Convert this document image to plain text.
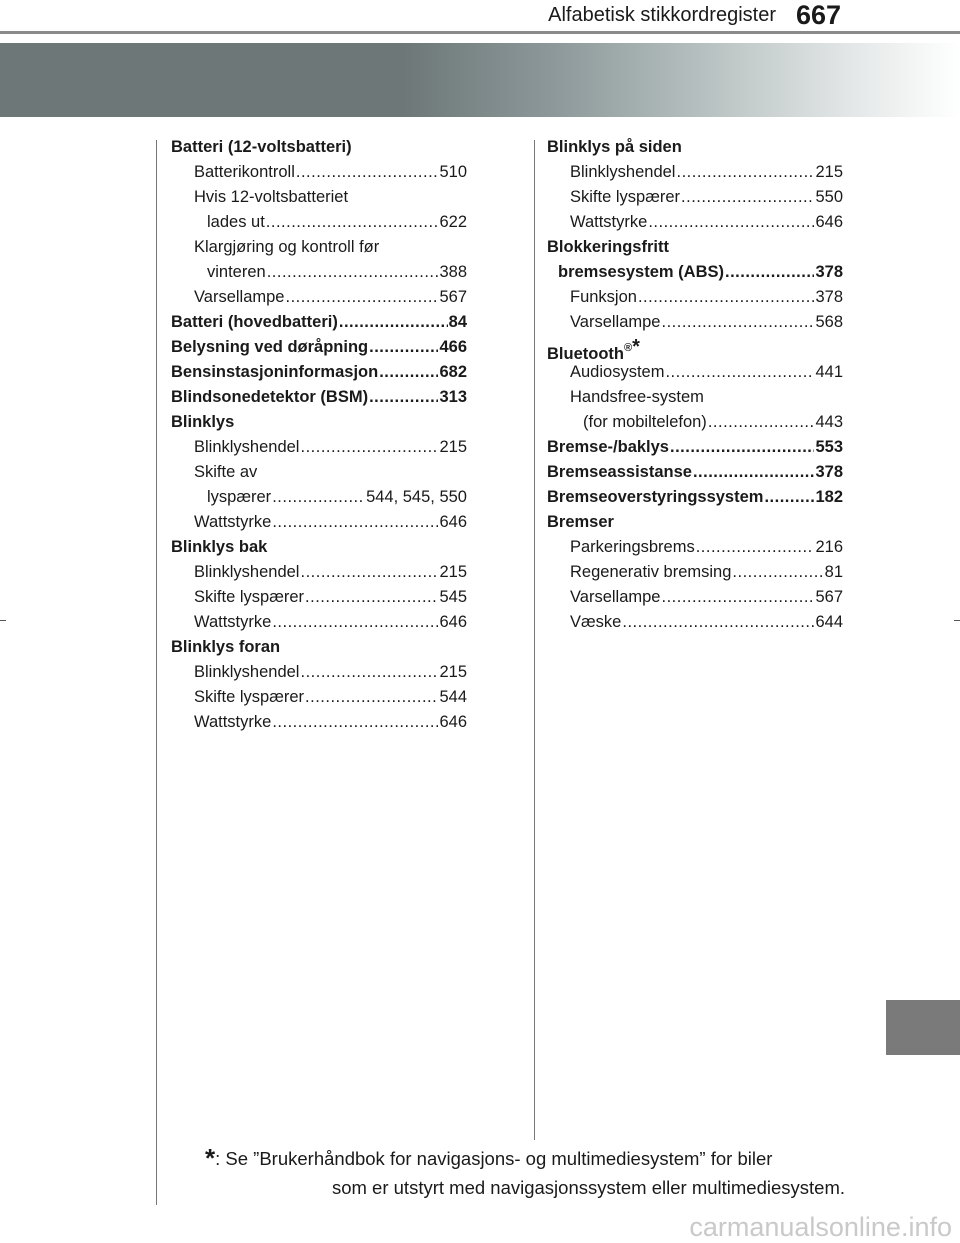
Alfabetisk stikkordregister 667
Batteri (12-voltsbatteri)
Batterikontroll .....	510
Hvis 12-voltsbatteriet
lades ut .....	622
Klargjøring og kontroll før
vinteren .....	388
Varsellampe .....	567
Batteri (hovedbatteri) .....	84
Belysning ved døråpning .....	466
Bensinstasjoninformasjon .....	682
Blindsonedetektor (BSM) .....	313
Blinklys
Blinklyshendel .....	215
Skifte av
lyspærer .....	544, 545, 550
Wattstyrke .....	646
Blinklys bak
Blinklyshendel .....	215
Skifte lyspærer .....	545
Wattstyrke .....	646
Blinklys foran
Blinklyshendel .....	215
Skifte lyspærer .....	544
Wattstyrke .....	646
Blinklys på siden
Blinklyshendel .....	215
Skifte lyspærer .....	550
Wattstyrke .....	646
Blokkeringsfritt
bremsesystem (ABS) .....	378
Funksjon .....	378
Varsellampe .....	568
Bluetooth®*
Audiosystem .....	441
Handsfree-system
(for mobiltelefon) .....	443
Bremse-/baklys .....	553
Bremseassistanse .....	378
Bremseoverstyringssystem .....	182
Bremser
Parkeringsbrems .....	216
Regenerativ bremsing .....	81
Varsellampe .....	567
Væske .....	644
*: Se ”Brukerhåndbok for navigasjons- og multimediesystem” for biler
som er utstyrt med navigasjonssystem eller multimediesystem.
carmanualsonline.info
